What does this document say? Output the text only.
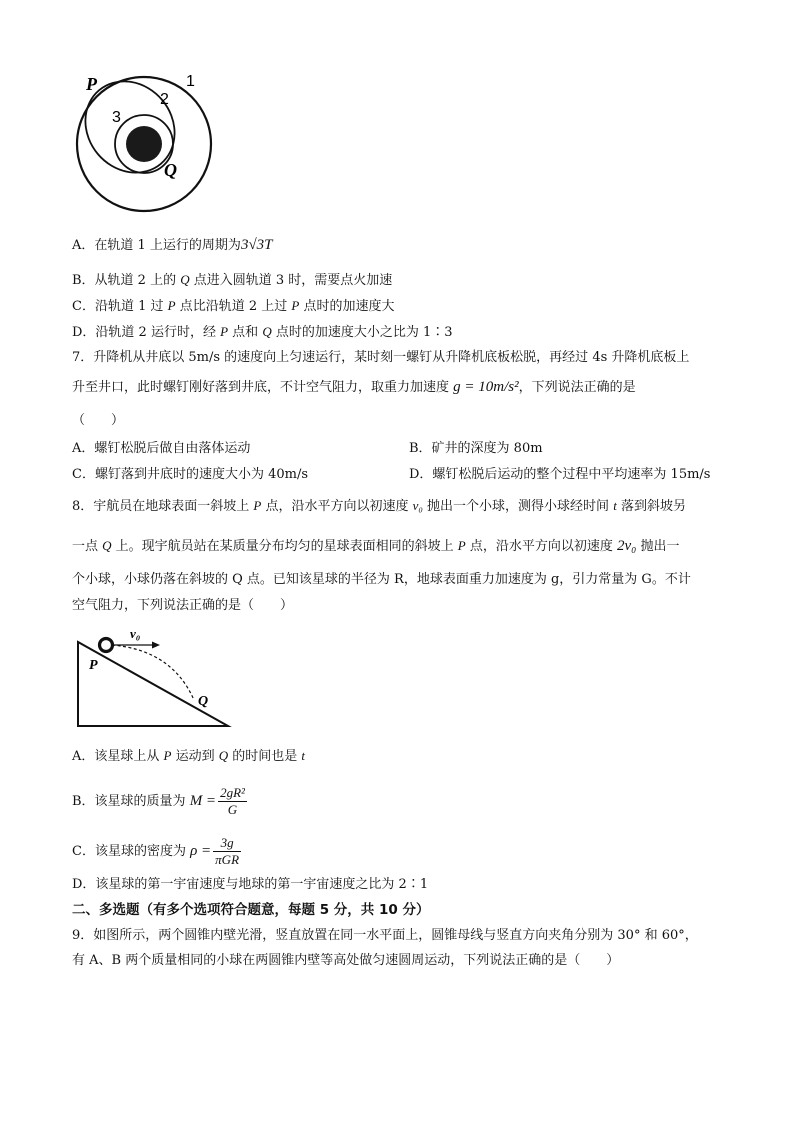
P	1
2
3
Q
A．在轨道 1 上运行的周期为3√3T
B．从轨道 2 上的 Q 点进入圆轨道 3 时，需要点火加速
C．沿轨道 1 过 P 点比沿轨道 2 上过 P 点时的加速度大
D．沿轨道 2 运行时，经 P 点和 Q 点时的加速度大小之比为 1∶3
7．升降机从井底以 5m/s 的速度向上匀速运行，某时刻一螺钉从升降机底板松脱，再经过 4s 升降机底板上
升至井口，此时螺钉刚好落到井底，不计空气阻力，取重力加速度 g = 10m/s²，下列说法正确的是
（　　）
A．螺钉松脱后做自由落体运动	B．矿井的深度为 80m
C．螺钉落到井底时的速度大小为 40m/s	D．螺钉松脱后运动的整个过程中平均速率为 15m/s
8．宇航员在地球表面一斜坡上 P 点，沿水平方向以初速度 v₀ 抛出一个小球，测得小球经时间 t 落到斜坡另
一点 Q 上。现宇航员站在某质量分布均匀的星球表面相同的斜坡上 P 点，沿水平方向以初速度 2v₀ 抛出一
个小球，小球仍落在斜坡的 Q 点。已知该星球的半径为 R，地球表面重力加速度为 g，引力常量为 G。不计
空气阻力，下列说法正确的是（　　）
v₀
P
Q
A．该星球上从 P 运动到 Q 的时间也是 t
B．该星球的质量为 $M = \frac{\text{2gR²}}{G}$
C．该星球的密度为 $\rho = \frac{3g}{\text{πGR}}$
D．该星球的第一宇宙速度与地球的第一宇宙速度之比为 2∶1
二、多选题（有多个选项符合题意，每题 5 分，共 10 分）
9．如图所示，两个圆锥内壁光滑，竖直放置在同一水平面上，圆锥母线与竖直方向夹角分别为 30° 和 60°，
有 A、B 两个质量相同的小球在两圆锥内壁等高处做匀速圆周运动，下列说法正确的是（　　）
